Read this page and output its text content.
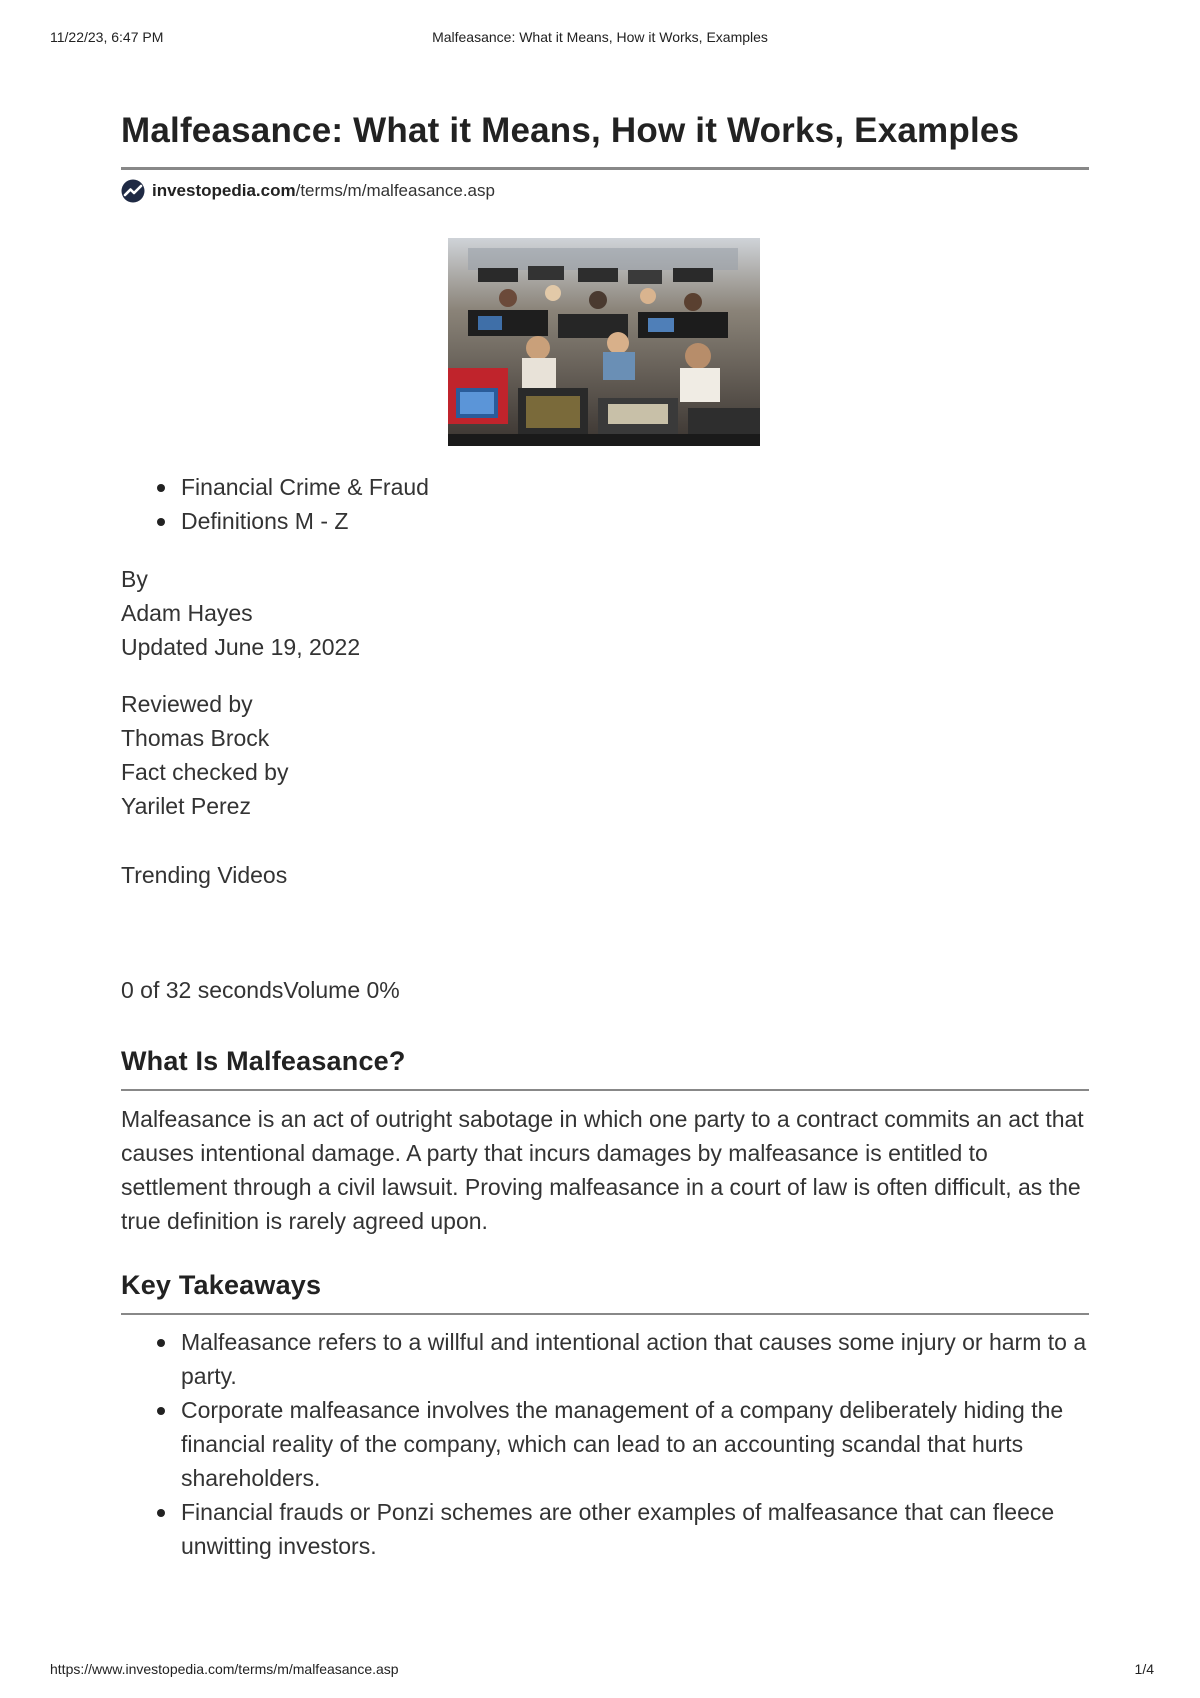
11/22/23, 6:47 PM	Malfeasance: What it Means, How it Works, Examples
Malfeasance: What it Means, How it Works, Examples
investopedia.com /terms/m/malfeasance.asp
Financial Crime & Fraud
Definitions M - Z
By
Adam Hayes
Updated June 19, 2022
Reviewed by
Thomas Brock
Fact checked by
Yarilet Perez
Trending Videos
0 of 32 secondsVolume 0%
What Is Malfeasance?

Malfeasance is an act of outright sabotage in which one party to a contract commits an act that causes intentional damage. A party that incurs damages by malfeasance is entitled to settlement through a civil lawsuit. Proving malfeasance in a court of law is often difficult, as the true definition is rarely agreed upon.

Key Takeaways
Malfeasance refers to a willful and intentional action that causes some injury or harm to a party.
Corporate malfeasance involves the management of a company deliberately hiding the financial reality of the company, which can lead to an accounting scandal that hurts shareholders.
Financial frauds or Ponzi schemes are other examples of malfeasance that can fleece unwitting investors.
https://www.investopedia.com/terms/m/malfeasance.asp	1/4
